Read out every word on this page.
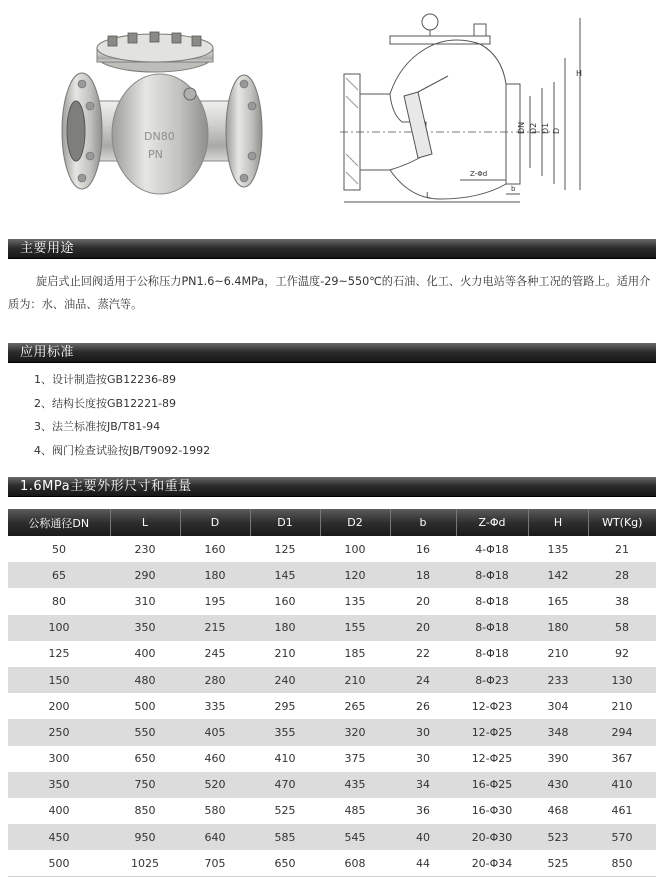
DN80
PN
H
DN D2 D1 D
L
Z-Φd
b
主要用途
旋启式止回阀适用于公称压力PN1.6~6.4MPa，工作温度-29~550℃的石油、化工、火力电站等各种工况的管路上。适用介质为：水、油品、蒸汽等。
应用标准
1、设计制造按GB12236-89
2、结构长度按GB12221-89
3、法兰标准按JB/T81-94
4、阀门检查试验按JB/T9092-1992
1.6MPa主要外形尺寸和重量
公称通径DN	L	D	D1	D2	b	Z-Φd	H	WT(Kg)
50	230	160	125	100	16	4-Φ18	135	21
65	290	180	145	120	18	8-Φ18	142	28
80	310	195	160	135	20	8-Φ18	165	38
100	350	215	180	155	20	8-Φ18	180	58
125	400	245	210	185	22	8-Φ18	210	92
150	480	280	240	210	24	8-Φ23	233	130
200	500	335	295	265	26	12-Φ23	304	210
250	550	405	355	320	30	12-Φ25	348	294
300	650	460	410	375	30	12-Φ25	390	367
350	750	520	470	435	34	16-Φ25	430	410
400	850	580	525	485	36	16-Φ30	468	461
450	950	640	585	545	40	20-Φ30	523	570
500	1025	705	650	608	44	20-Φ34	525	850
